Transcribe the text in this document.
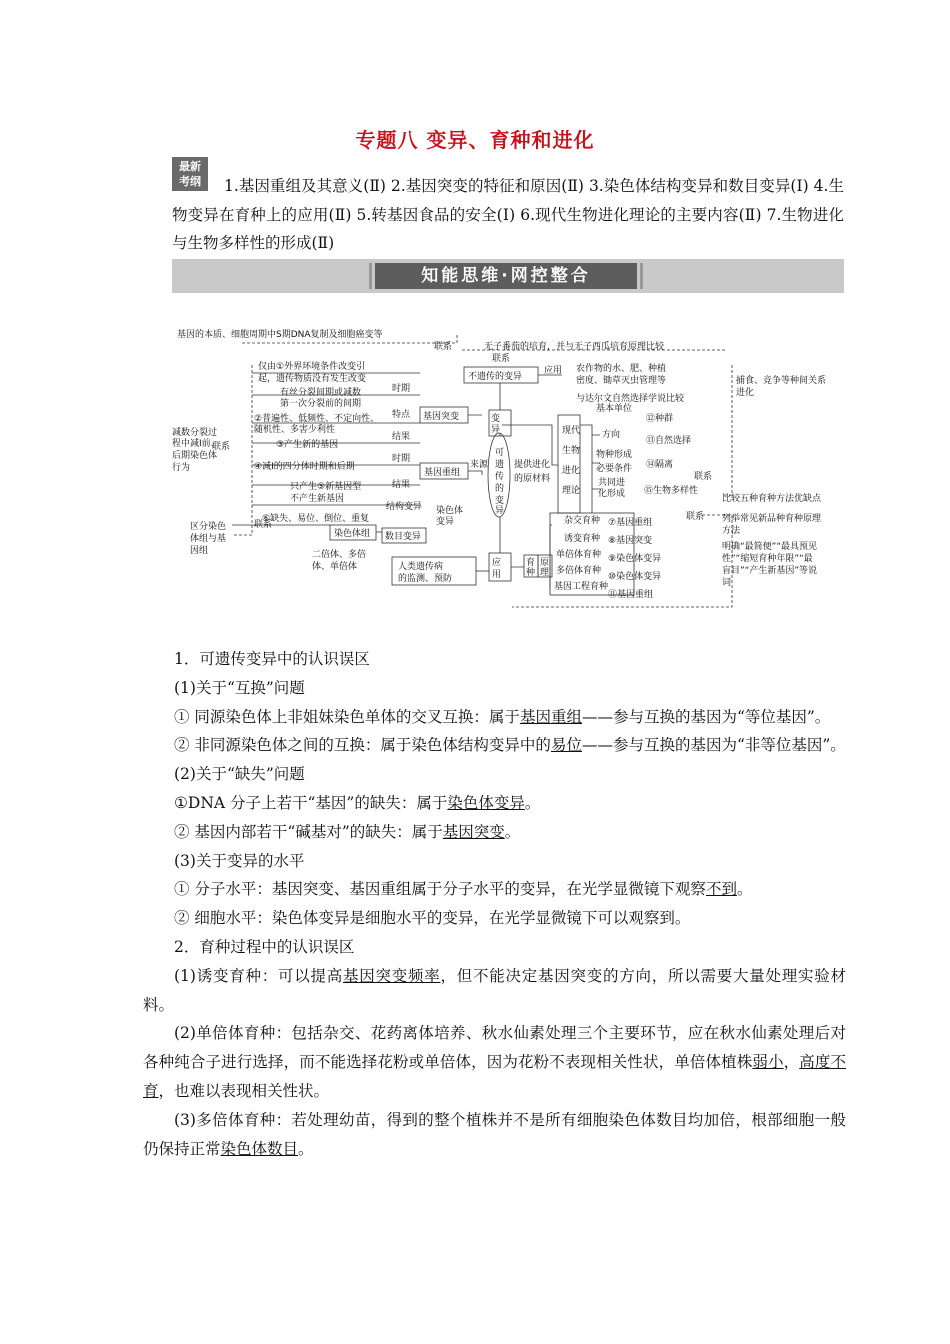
专题八 变异、育种和进化
最新
考纲	1.基因重组及其意义(Ⅱ) 2.基因突变的特征和原因(Ⅱ) 3.染色体结构变异和数目变异(Ⅰ) 4.生物变异在育种上的应用(Ⅱ) 5.转基因食品的安全(Ⅰ) 6.现代生物进化理论的主要内容(Ⅱ) 7.生物进化与生物多样性的形成(Ⅱ)

知能思维·网控整合
基因的本质、细胞周期中S期DNA复制及细胞癌变等
联系
联系
无子番茄的培育，并与无子西瓜培育原理比较
仅由①外界环境条件改变引
起，遗传物质没有发生改变	不遗传的变异
应用 农作物的水、肥、种植
密度、锄草灭虫管理等
与达尔文自然选择学说比较
捕食、竞争等种间关系
进化
时期
有丝分裂间期或减数
第一次分裂前的间期
特点
②普遍性、低频性、不定向性、
随机性、多害少利性
结果
③产生新的基因
基因突变	变
异
可
遗
传
的
变
异
现代
生物
进化
理论
基本单位
⑫种群
方向
⑬自然选择
物种形成
必要条件 ⑭隔离
共同进
化形成 ⑮生物多样性
联系
减数分裂过
程中减Ⅰ前、
后期染色体
行为
联系
时期
④减Ⅰ的四分体时期和后期
基因重组
来源	提供进化
的原材料
结果
只产生⑤新基因型
不产生新基因	比较五种育种方法优缺点
结构变异 染色体
变异
⑥缺失、易位、倒位、重复	列举常见新品种育种原理
方法
区分染色
体组与基
因组
联系
染色体组 数目变异
联系
杂交育种 ⑦基因重组
诱变育种 ⑧基因突变
单倍体育种 ⑨染色体变异
多倍体育种
⑩染色体变异
基因工程育种
⑪基因重组
二倍体、多倍
体、单倍体	人类遗传病
的监测、预防
应
用
育
种
原
理
明确“最简便”“最具预见
性”“缩短育种年限”“最
盲目”“产生新基因”等说
词

1．可遗传变异中的认识误区

(1)关于“互换”问题

① 同源染色体上非姐妹染色单体的交叉互换：属于基因重组——参与互换的基因为“等位基因”。

② 非同源染色体之间的互换：属于染色体结构变异中的易位——参与互换的基因为“非等位基因”。

(2)关于“缺失”问题

①DNA 分子上若干“基因”的缺失：属于染色体变异。

② 基因内部若干“碱基对”的缺失：属于基因突变。

(3)关于变异的水平

① 分子水平：基因突变、基因重组属于分子水平的变异，在光学显微镜下观察不到。

② 细胞水平：染色体变异是细胞水平的变异，在光学显微镜下可以观察到。

2．育种过程中的认识误区

(1)诱变育种：可以提高基因突变频率，但不能决定基因突变的方向，所以需要大量处理实验材料。

(2)单倍体育种：包括杂交、花药离体培养、秋水仙素处理三个主要环节，应在秋水仙素处理后对各种纯合子进行选择，而不能选择花粉或单倍体，因为花粉不表现相关性状，单倍体植株弱小，高度不育，也难以表现相关性状。

(3)多倍体育种：若处理幼苗，得到的整个植株并不是所有细胞染色体数目均加倍，根部细胞一般仍保持正常染色体数目。
